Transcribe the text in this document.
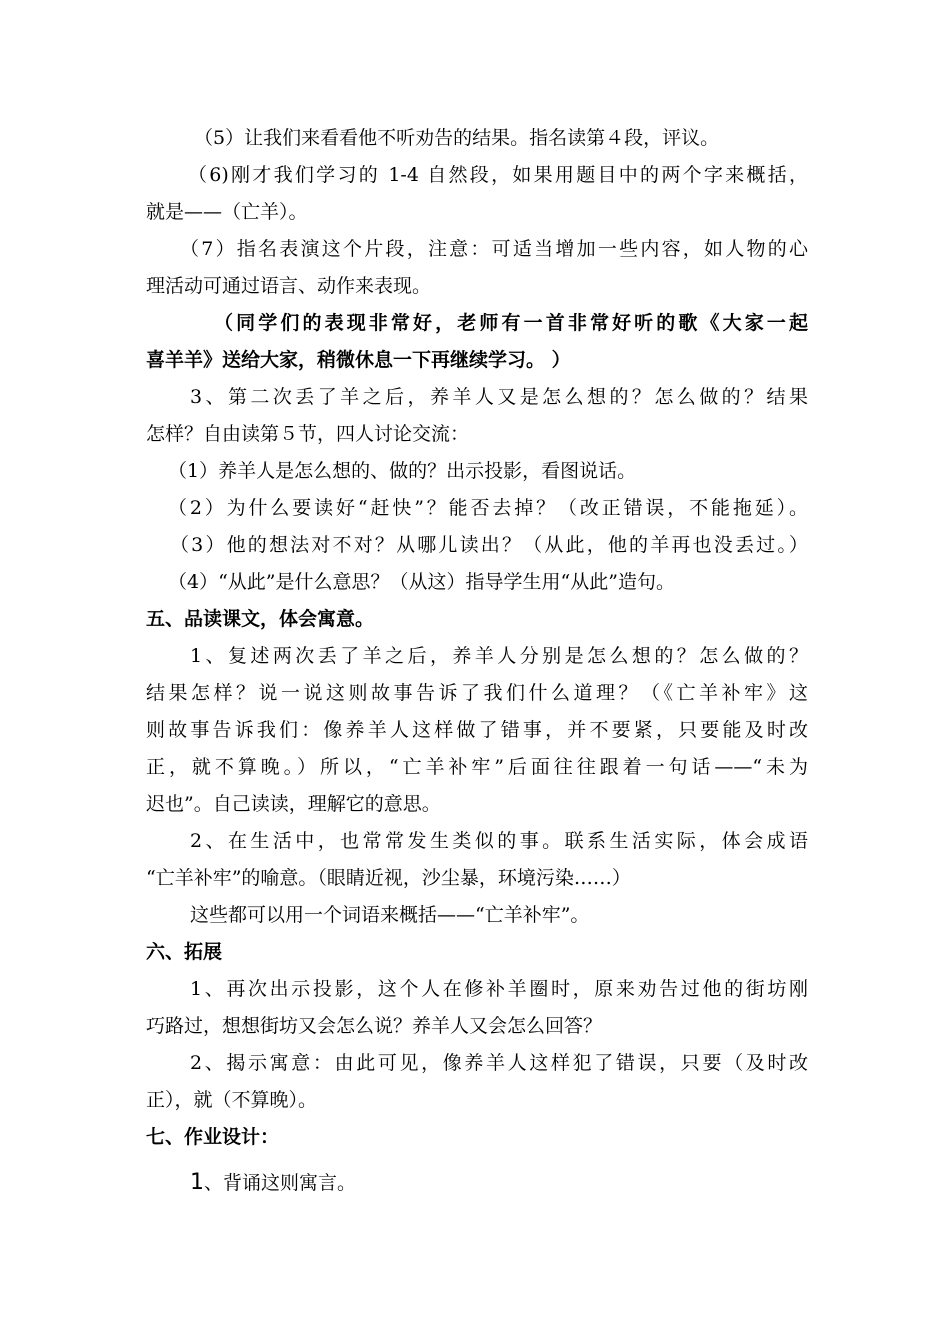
（5）让我们来看看他不听劝告的结果。指名读第４段，评议。
（6)刚才我们学习的 1-4 自然段，如果用题目中的两个字来概括，
就是——（亡羊）。
（7）指名表演这个片段，注意：可适当增加一些内容，如人物的心
理活动可通过语言、动作来表现。
（同学们的表现非常好，老师有一首非常好听的歌《大家一起
喜羊羊》送给大家，稍微休息一下再继续学习。 ）
3、第二次丢了羊之后，养羊人又是怎么想的？怎么做的？结果
怎样？自由读第５节，四人讨论交流：
（1）养羊人是怎么想的、做的？出示投影，看图说话。
（2）为什么要读好“赶快”？能否去掉？（改正错误，不能拖延）。
（3）他的想法对不对？从哪儿读出？（从此，他的羊再也没丢过。）
（4）“从此”是什么意思？（从这）指导学生用“从此”造句。
五、品读课文，体会寓意。
1、复述两次丢了羊之后，养羊人分别是怎么想的？怎么做的？
结果怎样？说一说这则故事告诉了我们什么道理？（《亡羊补牢》这
则故事告诉我们：像养羊人这样做了错事，并不要紧，只要能及时改
正，就不算晚。）所以，“亡羊补牢”后面往往跟着一句话——“未为
迟也”。自己读读，理解它的意思。
2、在生活中，也常常发生类似的事。联系生活实际，体会成语
“亡羊补牢”的喻意。（眼睛近视，沙尘暴，环境污染……）
这些都可以用一个词语来概括——“亡羊补牢”。
六、拓展
1、再次出示投影，这个人在修补羊圈时，原来劝告过他的街坊刚
巧路过，想想街坊又会怎么说？养羊人又会怎么回答？
2、揭示寓意：由此可见，像养羊人这样犯了错误，只要（及时改
正），就（不算晚）。
七、作业设计：
1、背诵这则寓言。
